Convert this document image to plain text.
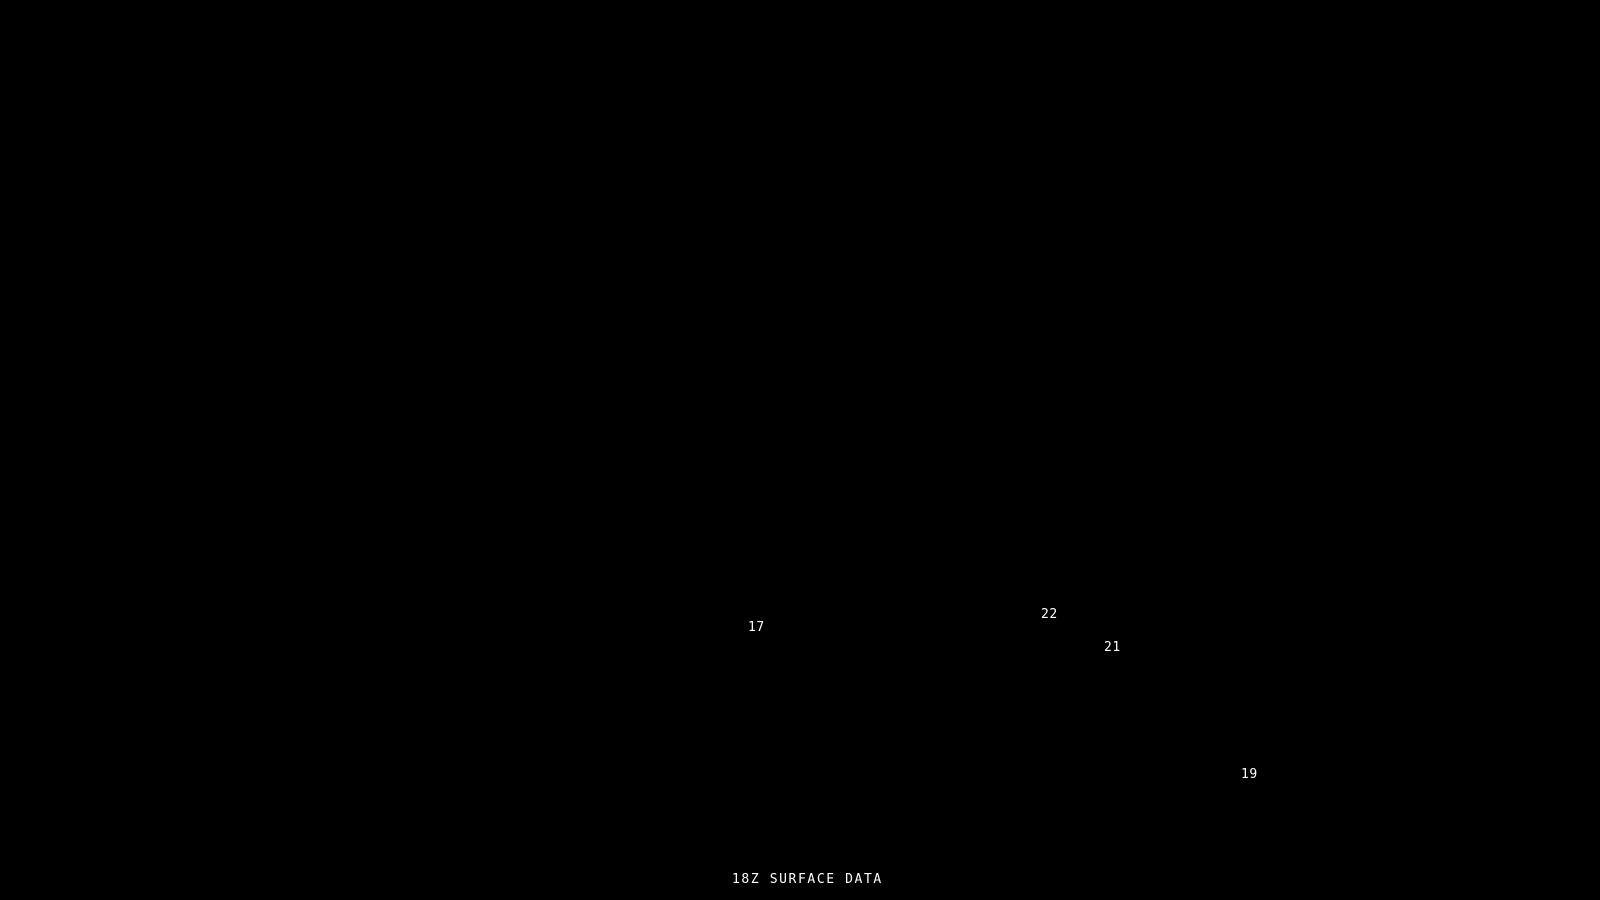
17
22
21
19
18Z SURFACE DATA
